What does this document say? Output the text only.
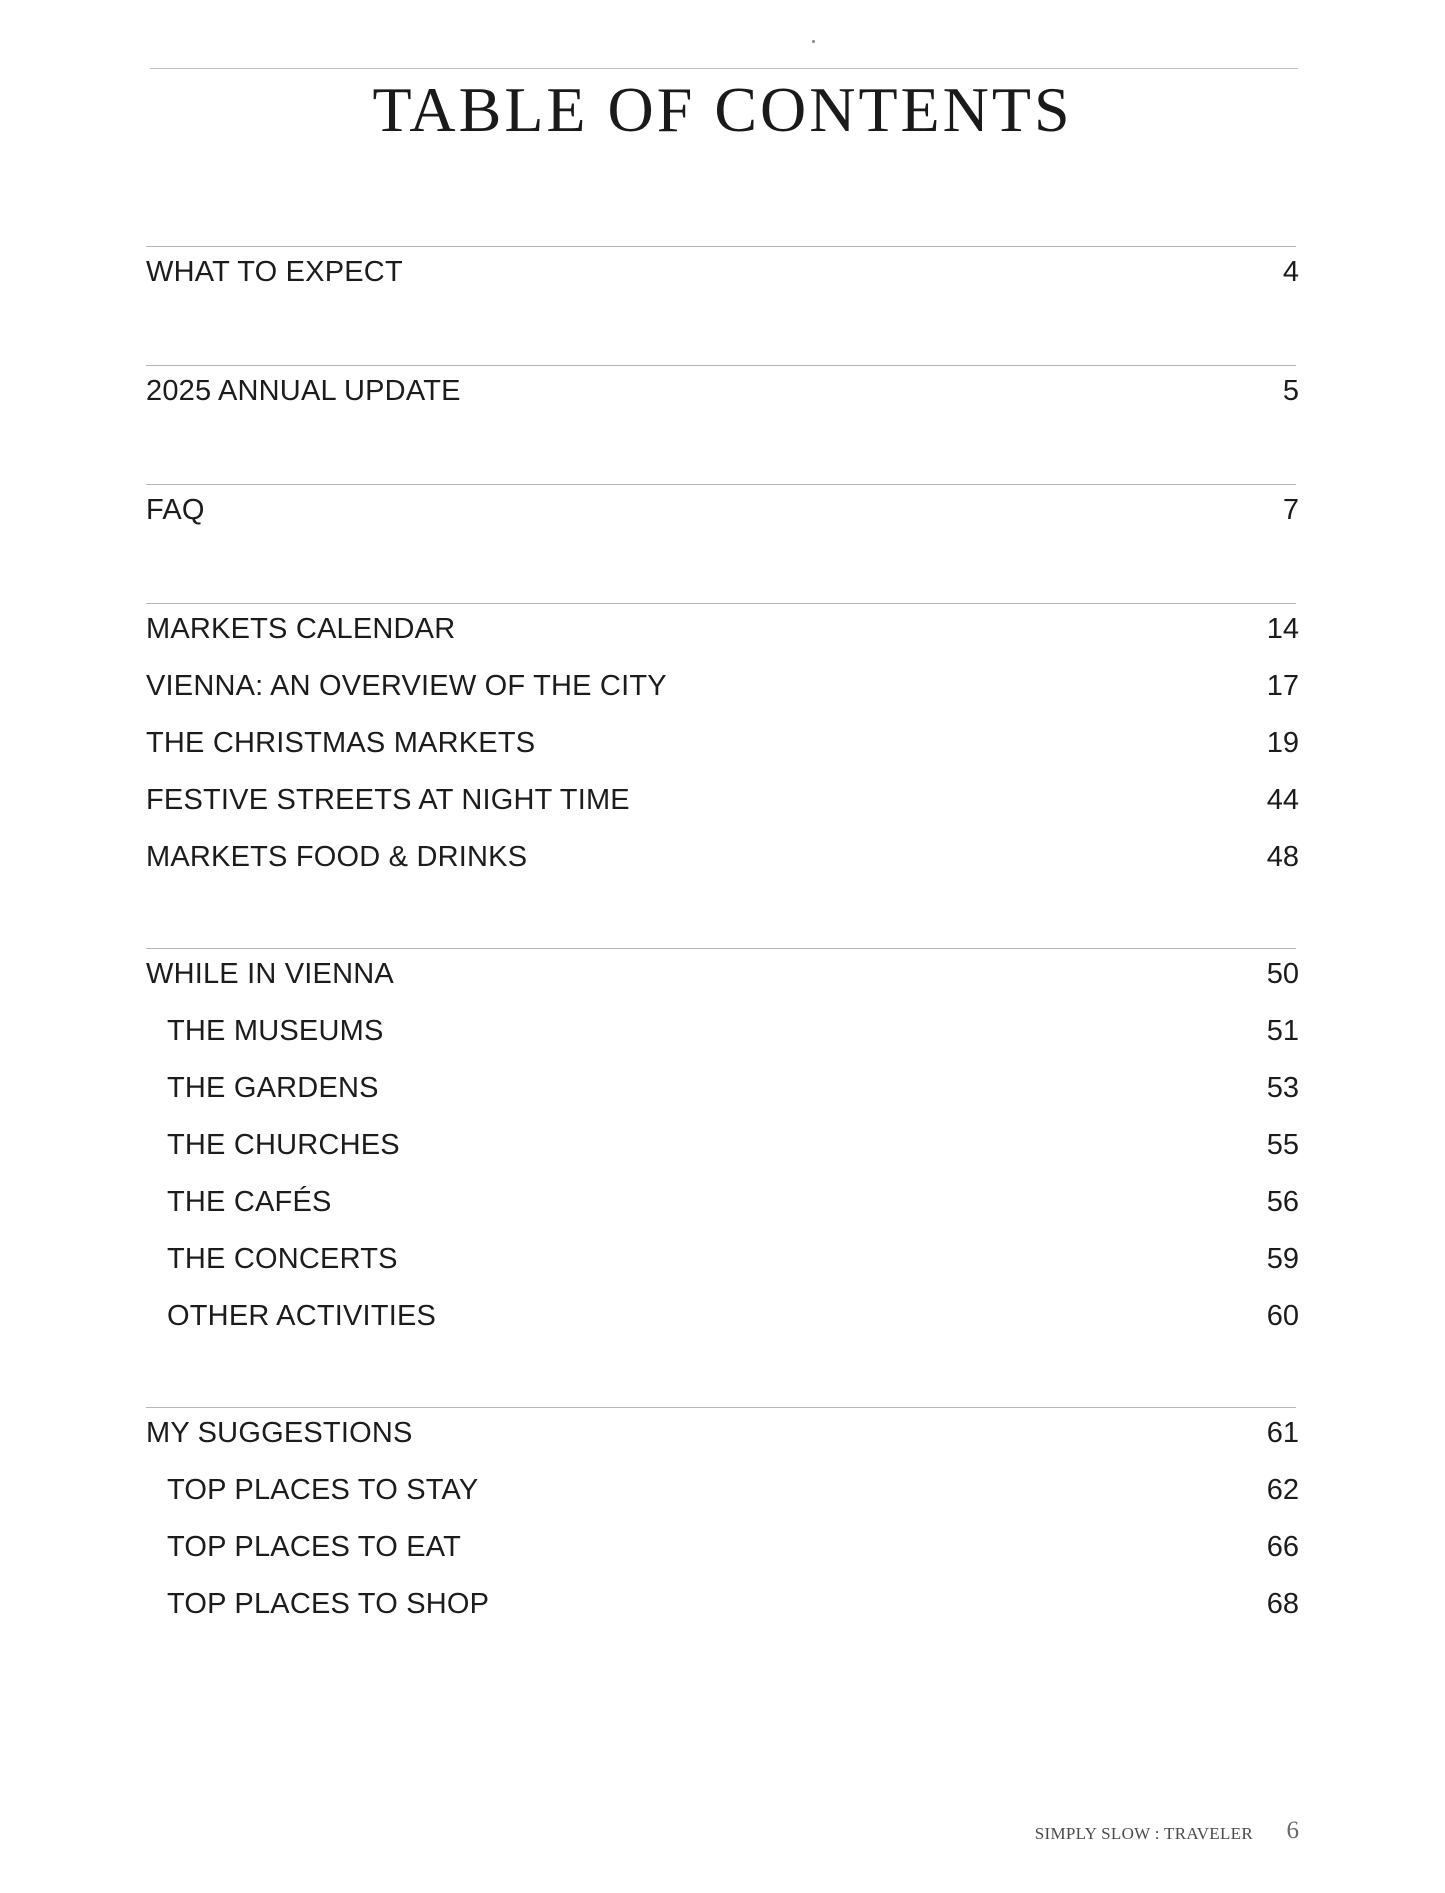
TABLE OF CONTENTS
WHAT TO EXPECT	4
2025 ANNUAL UPDATE	5
FAQ	7
MARKETS CALENDAR	14
VIENNA: AN OVERVIEW OF THE CITY	17
THE CHRISTMAS MARKETS	19
FESTIVE STREETS AT NIGHT TIME	44
MARKETS FOOD & DRINKS	48
WHILE IN VIENNA	50
THE MUSEUMS	51
THE GARDENS	53
THE CHURCHES	55
THE CAFÉS	56
THE CONCERTS	59
OTHER ACTIVITIES	60
MY SUGGESTIONS	61
TOP PLACES TO STAY	62
TOP PLACES TO EAT	66
TOP PLACES TO SHOP	68
SIMPLY SLOW : TRAVELER 6
